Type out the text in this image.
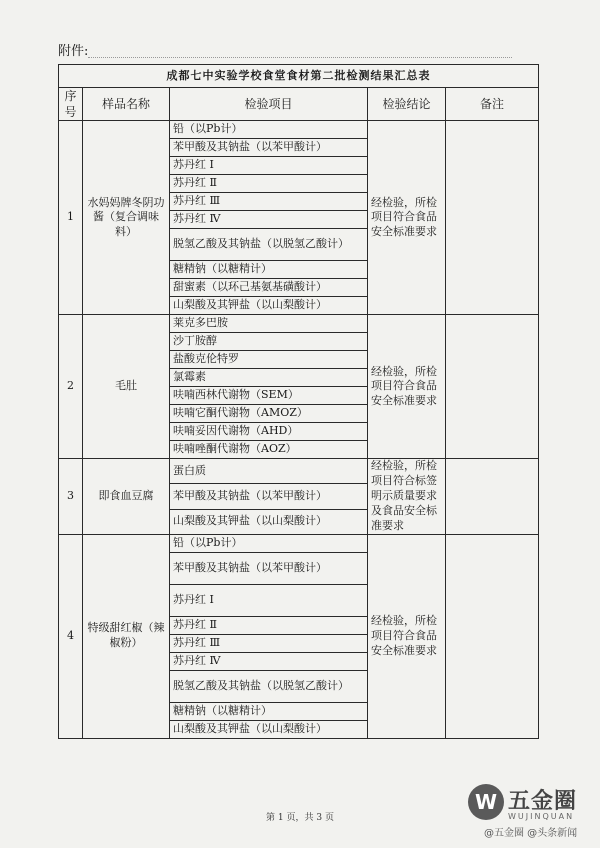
附件:
成都七中实验学校食堂食材第二批检测结果汇总表				
序号	样品名称	检验项目	检验结论	备注
1	水妈妈牌冬阴功酱（复合调味料）	铅（以Pb计）	经检验，所检项目符合食品安全标准要求	
		苯甲酸及其钠盐（以苯甲酸计）		
		苏丹红 Ⅰ		
		苏丹红 Ⅱ		
		苏丹红 Ⅲ		
		苏丹红 Ⅳ		
		脱氢乙酸及其钠盐（以脱氢乙酸计）		
		糖精钠（以糖精计）		
		甜蜜素（以环己基氨基磺酸计）		
		山梨酸及其钾盐（以山梨酸计）		
2	毛肚	莱克多巴胺	经检验，所检项目符合食品安全标准要求	
		沙丁胺醇		
		盐酸克伦特罗		
		氯霉素		
		呋喃西林代谢物（SEM）		
		呋喃它酮代谢物（AMOZ）		
		呋喃妥因代谢物（AHD）		
		呋喃唑酮代谢物（AOZ）		
3	即食血豆腐	蛋白质	经检验，所检项目符合标签明示质量要求及食品安全标准要求	
		苯甲酸及其钠盐（以苯甲酸计）		
		山梨酸及其钾盐（以山梨酸计）		
4	特级甜红椒（辣椒粉）	铅（以Pb计）	经检验，所检项目符合食品安全标准要求	
		苯甲酸及其钠盐（以苯甲酸计）		
		苏丹红 Ⅰ		
		苏丹红 Ⅱ		
		苏丹红 Ⅲ		
		苏丹红 Ⅳ		
		脱氢乙酸及其钠盐（以脱氢乙酸计）		
		糖精钠（以糖精计）		
		山梨酸及其钾盐（以山梨酸计）		
第 1 页，共 3 页
W 五金圈
WUJINQUAN
@五金圈 @头条新闻
